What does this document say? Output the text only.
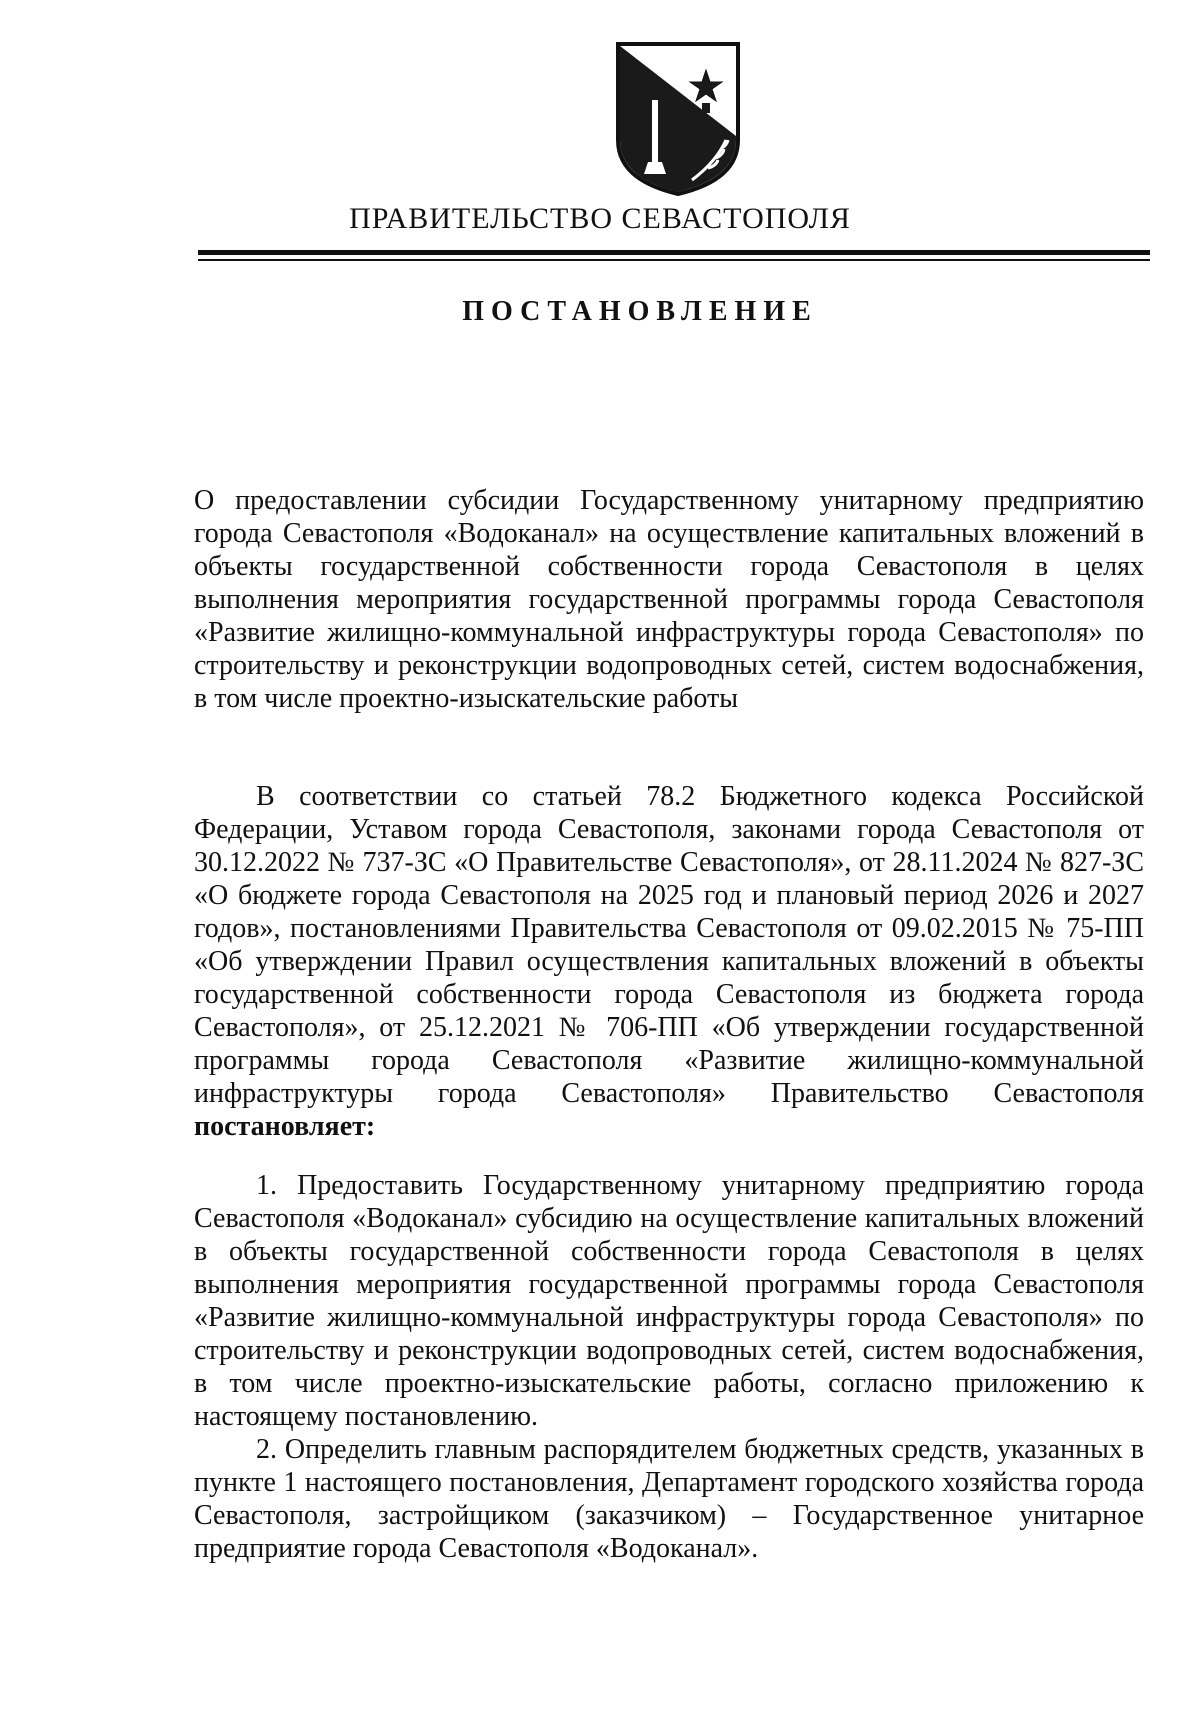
ПРАВИТЕЛЬСТВО СЕВАСТОПОЛЯ
ПОСТАНОВЛЕНИЕ

О предоставлении субсидии Государственному унитарному предприятию города Севастополя «Водоканал» на осуществление капитальных вложений в объекты государственной собственности города Севастополя в целях выполнения мероприятия государственной программы города Севастополя «Развитие жилищно-коммунальной инфраструктуры города Севастополя» по строительству и реконструкции водопроводных сетей, систем водоснабжения, в том числе проектно-изыскательские работы

В соответствии со статьей 78.2 Бюджетного кодекса Российской Федерации, Уставом города Севастополя, законами города Севастополя от 30.12.2022 № 737-ЗС «О Правительстве Севастополя», от 28.11.2024 № 827-ЗС «О бюджете города Севастополя на 2025 год и плановый период 2026 и 2027 годов», постановлениями Правительства Севастополя от 09.02.2015 № 75-ПП «Об утверждении Правил осуществления капитальных вложений в объекты государственной собственности города Севастополя из бюджета города Севастополя», от 25.12.2021 № 706-ПП «Об утверждении государственной программы города Севастополя «Развитие жилищно-коммунальной инфраструктуры города Севастополя» Правительство Севастополя постановляет:

1. Предоставить Государственному унитарному предприятию города Севастополя «Водоканал» субсидию на осуществление капитальных вложений в объекты государственной собственности города Севастополя в целях выполнения мероприятия государственной программы города Севастополя «Развитие жилищно-коммунальной инфраструктуры города Севастополя» по строительству и реконструкции водопроводных сетей, систем водоснабжения, в том числе проектно-изыскательские работы, согласно приложению к настоящему постановлению.

2. Определить главным распорядителем бюджетных средств, указанных в пункте 1 настоящего постановления, Департамент городского хозяйства города Севастополя, застройщиком (заказчиком) – Государственное унитарное предприятие города Севастополя «Водоканал».
